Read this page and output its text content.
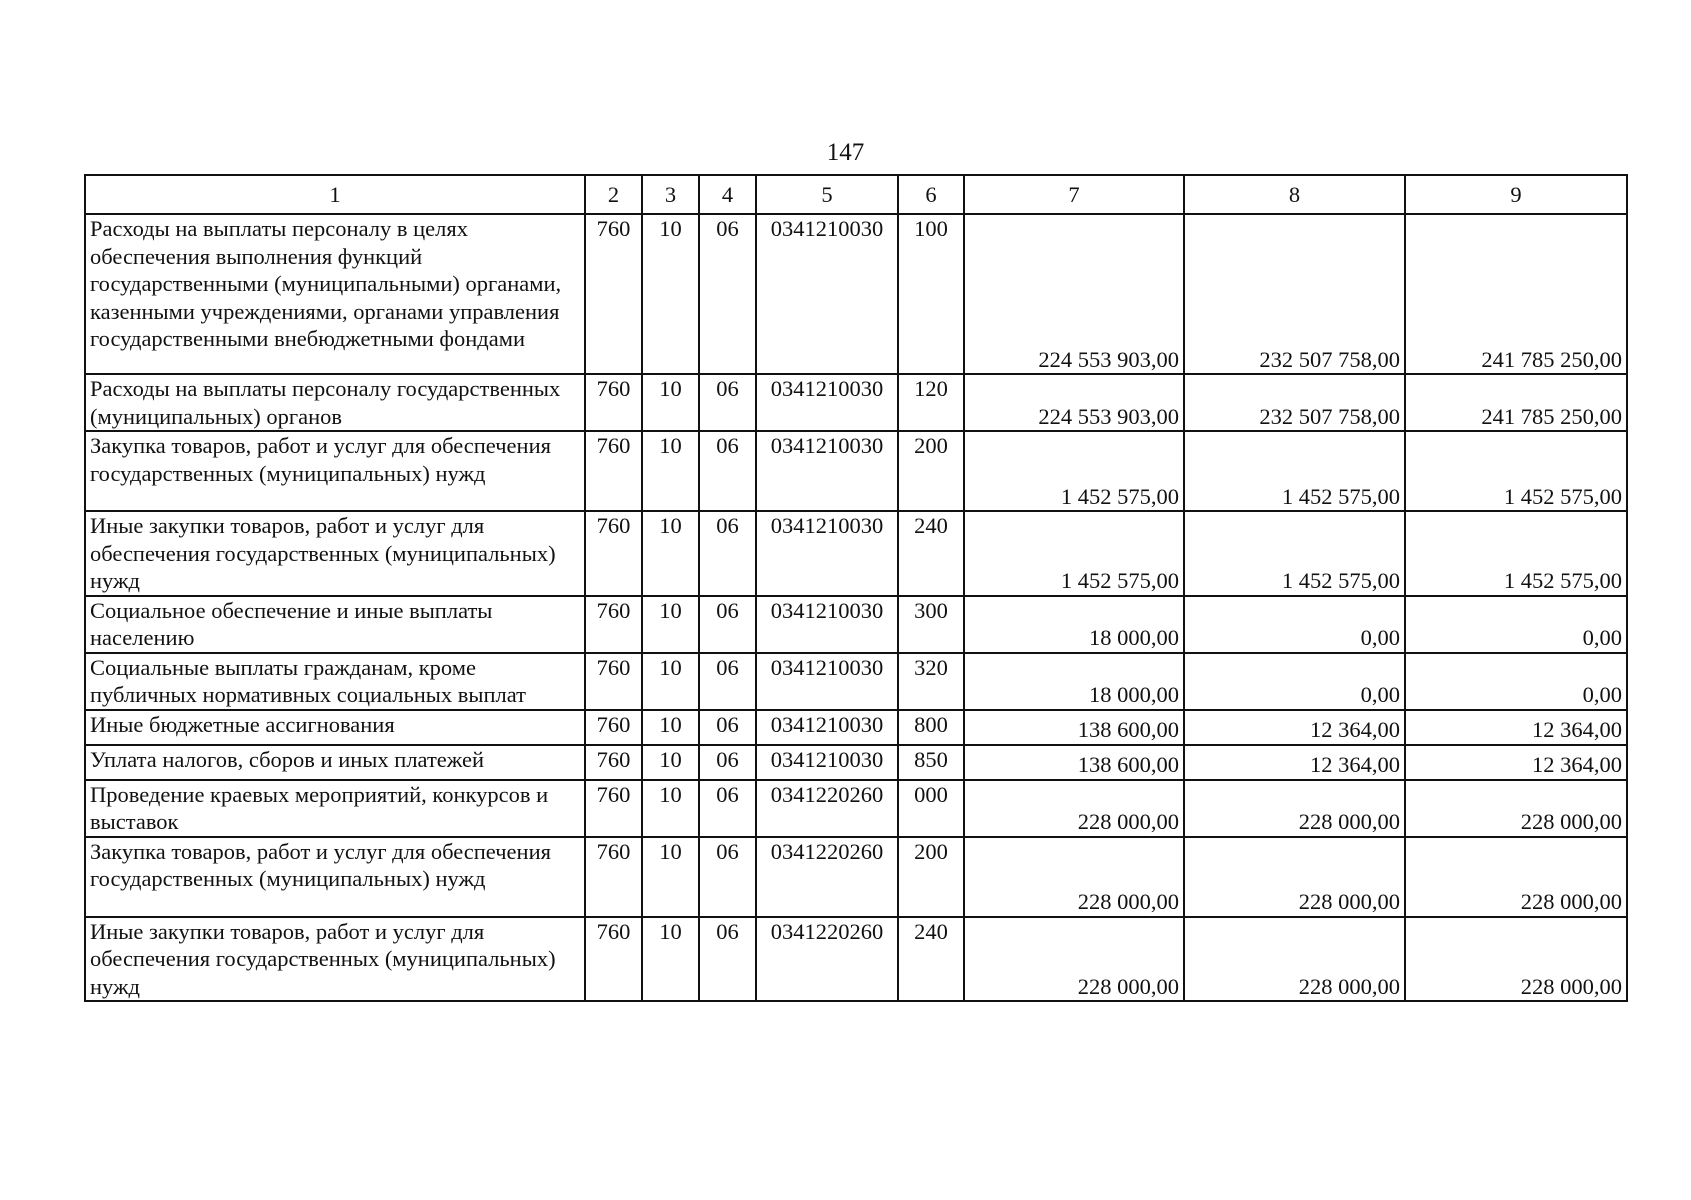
147
1	2	3	4	5	6	7	8	9
Расходы на выплаты персоналу в целях обеспечения выполнения функций государственными (муниципальными) органами, казенными учреждениями, органами управления государственными внебюджетными фондами	760	10	06	0341210030	100	224 553 903,00	232 507 758,00	241 785 250,00
Расходы на выплаты персоналу государственных (муниципальных) органов	760	10	06	0341210030	120	224 553 903,00	232 507 758,00	241 785 250,00
Закупка товаров, работ и услуг для обеспечения государственных (муниципальных) нужд	760	10	06	0341210030	200	1 452 575,00	1 452 575,00	1 452 575,00
Иные закупки товаров, работ и услуг для обеспечения государственных (муниципальных) нужд	760	10	06	0341210030	240	1 452 575,00	1 452 575,00	1 452 575,00
Социальное обеспечение и иные выплаты населению	760	10	06	0341210030	300	18 000,00	0,00	0,00
Социальные выплаты гражданам, кроме публичных нормативных социальных выплат	760	10	06	0341210030	320	18 000,00	0,00	0,00
Иные бюджетные ассигнования	760	10	06	0341210030	800	138 600,00	12 364,00	12 364,00
Уплата налогов, сборов и иных платежей	760	10	06	0341210030	850	138 600,00	12 364,00	12 364,00
Проведение краевых мероприятий, конкурсов и выставок	760	10	06	0341220260	000	228 000,00	228 000,00	228 000,00
Закупка товаров, работ и услуг для обеспечения государственных (муниципальных) нужд	760	10	06	0341220260	200	228 000,00	228 000,00	228 000,00
Иные закупки товаров, работ и услуг для обеспечения государственных (муниципальных) нужд	760	10	06	0341220260	240	228 000,00	228 000,00	228 000,00
